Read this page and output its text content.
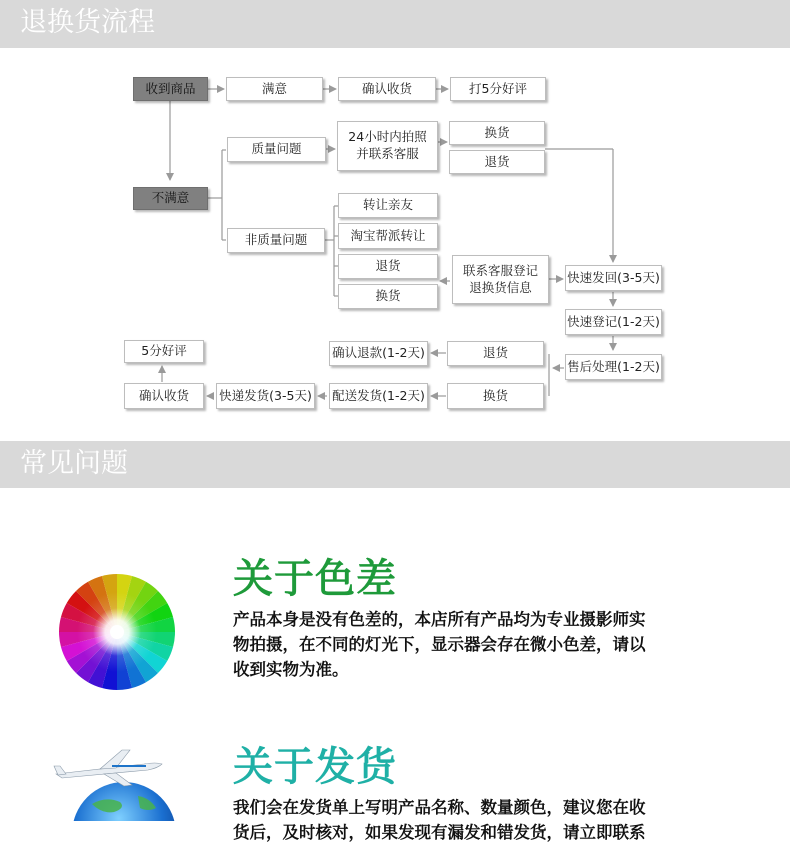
退换货流程
收到商品	满意	确认收货	打5分好评
不满意
质量问题
24小时内拍照
并联系客服
换货
退货
非质量问题
转让亲友
淘宝帮派转让
退货
换货
联系客服登记
退换货信息
快速发回(3-5天)
快速登记(1-2天)
售后处理(1-2天)
退货
确认退款(1-2天)
换货
配送发货(1-2天)
快递发货(3-5天)
确认收货
5分好评
常见问题
关于色差
产品本身是没有色差的，本店所有产品均为专业摄影师实
物拍摄，在不同的灯光下，显示器会存在微小色差，请以
收到实物为准。
关于发货
我们会在发货单上写明产品名称、数量颜色，建议您在收
货后，及时核对，如果发现有漏发和错发货，请立即联系
